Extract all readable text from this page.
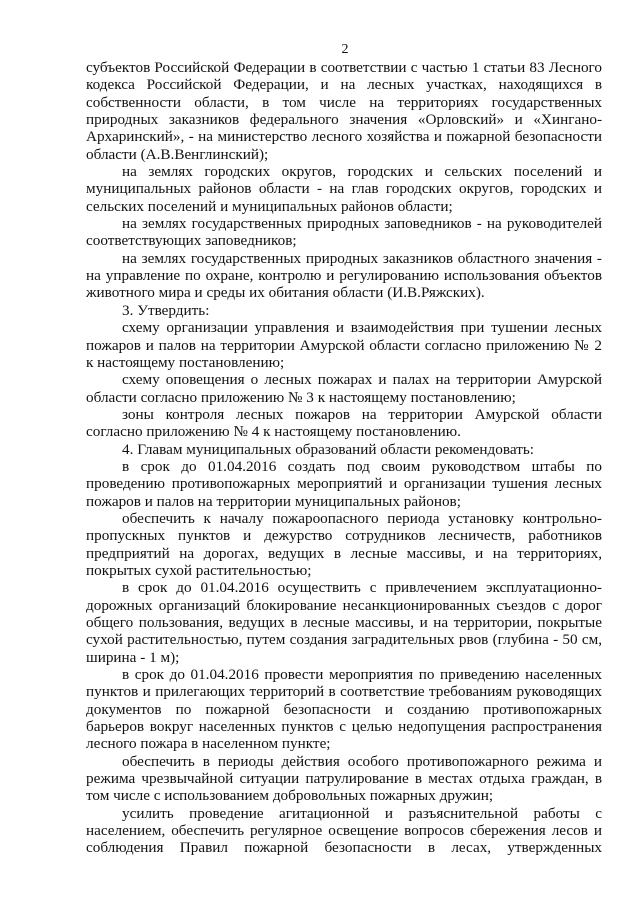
2

субъектов Российской Федерации в соответствии с частью 1 статьи 83 Лесного кодекса Российской Федерации, и на лесных участках, находящихся в собственности области, в том числе на территориях государственных природных заказников федерального значения «Орловский» и «Хингано-Архаринский», - на министерство лесного хозяйства и пожарной безопасности области (А.В.Венглинский);

на землях городских округов, городских и сельских поселений и муниципальных районов области - на глав городских округов, городских и сельских поселений и муниципальных районов области;

на землях государственных природных заповедников - на руководителей соответствующих заповедников;

на землях государственных природных заказников областного значения - на управление по охране, контролю и регулированию использования объектов животного мира и среды их обитания области (И.В.Ряжских).

3. Утвердить:

схему организации управления и взаимодействия при тушении лесных пожаров и палов на территории Амурской области согласно приложению № 2 к настоящему постановлению;

схему оповещения о лесных пожарах и палах на территории Амурской области согласно приложению № 3 к настоящему постановлению;

зоны контроля лесных пожаров на территории Амурской области согласно приложению № 4 к настоящему постановлению.

4. Главам муниципальных образований области рекомендовать:

в срок до 01.04.2016 создать под своим руководством штабы по проведению противопожарных мероприятий и организации тушения лесных пожаров и палов на территории муниципальных районов;

обеспечить к началу пожароопасного периода установку контрольно-пропускных пунктов и дежурство сотрудников лесничеств, работников предприятий на дорогах, ведущих в лесные массивы, и на территориях, покрытых сухой растительностью;

в срок до 01.04.2016 осуществить с привлечением эксплуатационно-дорожных организаций блокирование несанкционированных съездов с дорог общего пользования, ведущих в лесные массивы, и на территории, покрытые сухой растительностью, путем создания заградительных рвов (глубина - 50 см, ширина - 1 м);

в срок до 01.04.2016 провести мероприятия по приведению населенных пунктов и прилегающих территорий в соответствие требованиям руководящих документов по пожарной безопасности и созданию противопожарных барьеров вокруг населенных пунктов с целью недопущения распространения лесного пожара в населенном пункте;

обеспечить в периоды действия особого противопожарного режима и режима чрезвычайной ситуации патрулирование в местах отдыха граждан, в том числе с использованием добровольных пожарных дружин;

усилить проведение агитационной и разъяснительной работы с населением, обеспечить регулярное освещение вопросов сбережения лесов и соблюдения Правил пожарной безопасности в лесах, утвержденных
